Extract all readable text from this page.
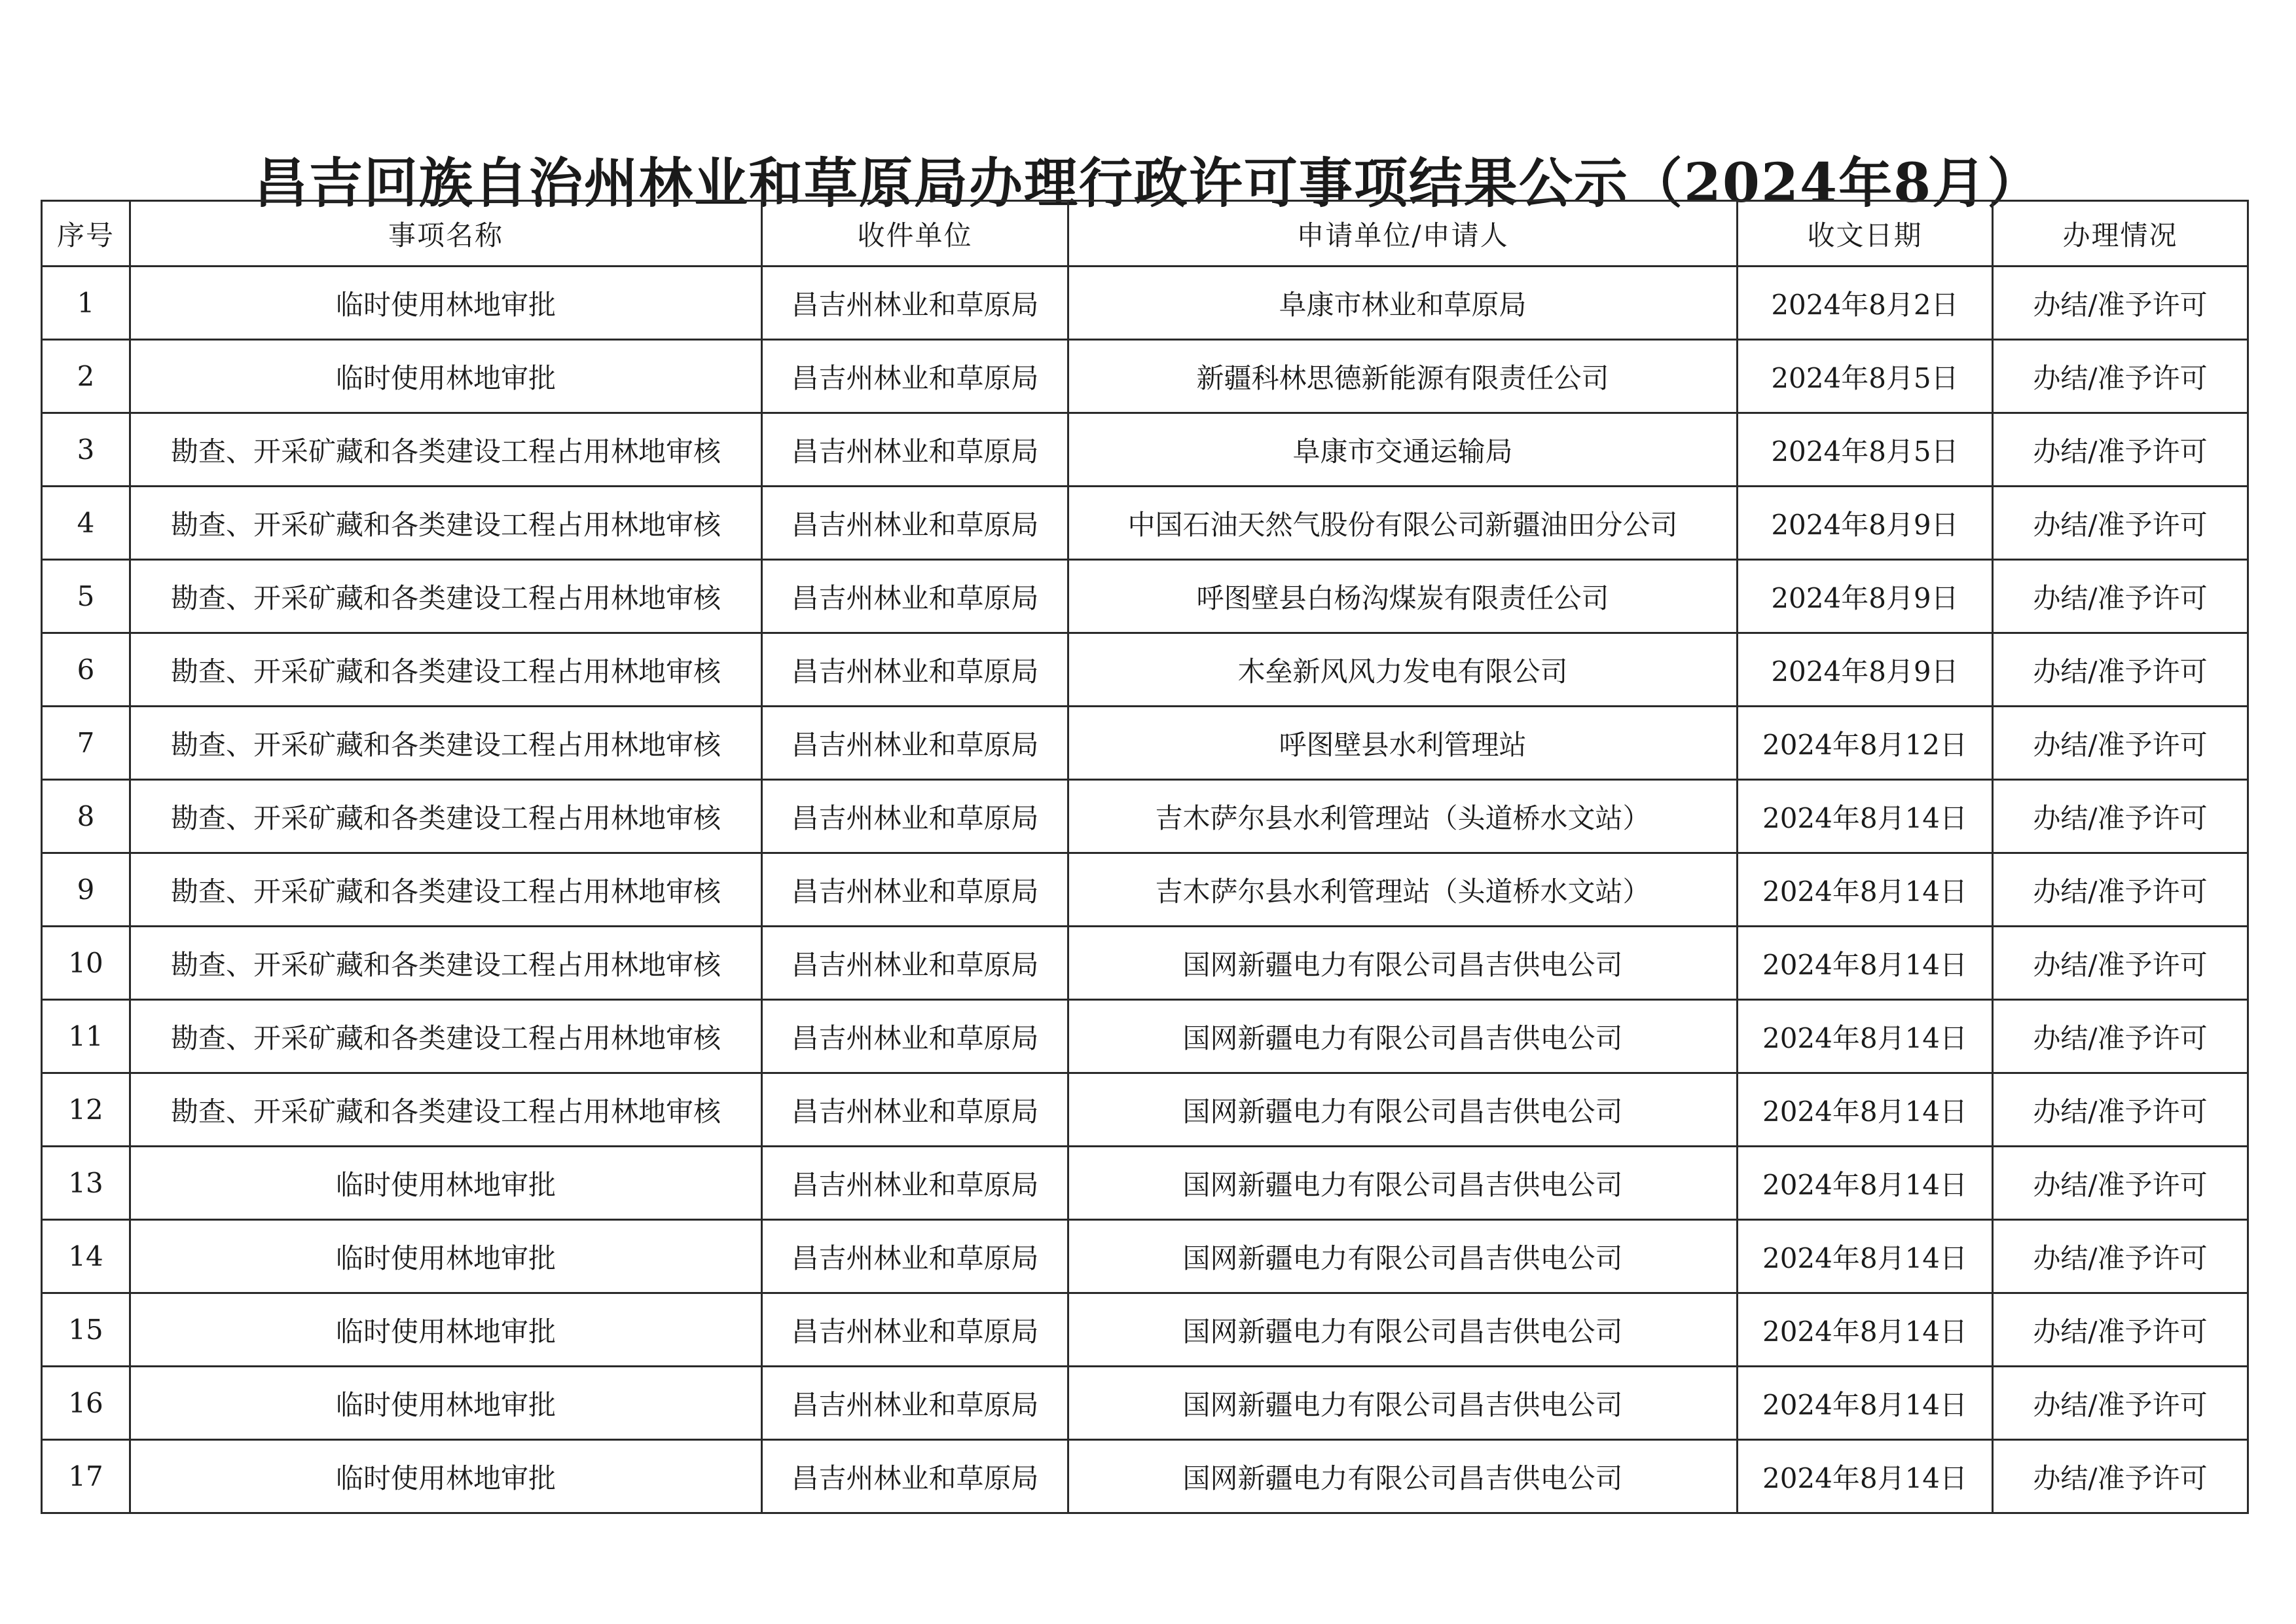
昌吉回族自治州林业和草原局办理行政许可事项结果公示（2024年8月）
序号	事项名称	收件单位	申请单位/申请人	收文日期	办理情况
1	临时使用林地审批	昌吉州林业和草原局	阜康市林业和草原局	2024年8月2日	办结/准予许可
2	临时使用林地审批	昌吉州林业和草原局	新疆科林思德新能源有限责任公司	2024年8月5日	办结/准予许可
3	勘查、开采矿藏和各类建设工程占用林地审核	昌吉州林业和草原局	阜康市交通运输局	2024年8月5日	办结/准予许可
4	勘查、开采矿藏和各类建设工程占用林地审核	昌吉州林业和草原局	中国石油天然气股份有限公司新疆油田分公司	2024年8月9日	办结/准予许可
5	勘查、开采矿藏和各类建设工程占用林地审核	昌吉州林业和草原局	呼图壁县白杨沟煤炭有限责任公司	2024年8月9日	办结/准予许可
6	勘查、开采矿藏和各类建设工程占用林地审核	昌吉州林业和草原局	木垒新风风力发电有限公司	2024年8月9日	办结/准予许可
7	勘查、开采矿藏和各类建设工程占用林地审核	昌吉州林业和草原局	呼图壁县水利管理站	2024年8月12日	办结/准予许可
8	勘查、开采矿藏和各类建设工程占用林地审核	昌吉州林业和草原局	吉木萨尔县水利管理站（头道桥水文站）	2024年8月14日	办结/准予许可
9	勘查、开采矿藏和各类建设工程占用林地审核	昌吉州林业和草原局	吉木萨尔县水利管理站（头道桥水文站）	2024年8月14日	办结/准予许可
10	勘查、开采矿藏和各类建设工程占用林地审核	昌吉州林业和草原局	国网新疆电力有限公司昌吉供电公司	2024年8月14日	办结/准予许可
11	勘查、开采矿藏和各类建设工程占用林地审核	昌吉州林业和草原局	国网新疆电力有限公司昌吉供电公司	2024年8月14日	办结/准予许可
12	勘查、开采矿藏和各类建设工程占用林地审核	昌吉州林业和草原局	国网新疆电力有限公司昌吉供电公司	2024年8月14日	办结/准予许可
13	临时使用林地审批	昌吉州林业和草原局	国网新疆电力有限公司昌吉供电公司	2024年8月14日	办结/准予许可
14	临时使用林地审批	昌吉州林业和草原局	国网新疆电力有限公司昌吉供电公司	2024年8月14日	办结/准予许可
15	临时使用林地审批	昌吉州林业和草原局	国网新疆电力有限公司昌吉供电公司	2024年8月14日	办结/准予许可
16	临时使用林地审批	昌吉州林业和草原局	国网新疆电力有限公司昌吉供电公司	2024年8月14日	办结/准予许可
17	临时使用林地审批	昌吉州林业和草原局	国网新疆电力有限公司昌吉供电公司	2024年8月14日	办结/准予许可
